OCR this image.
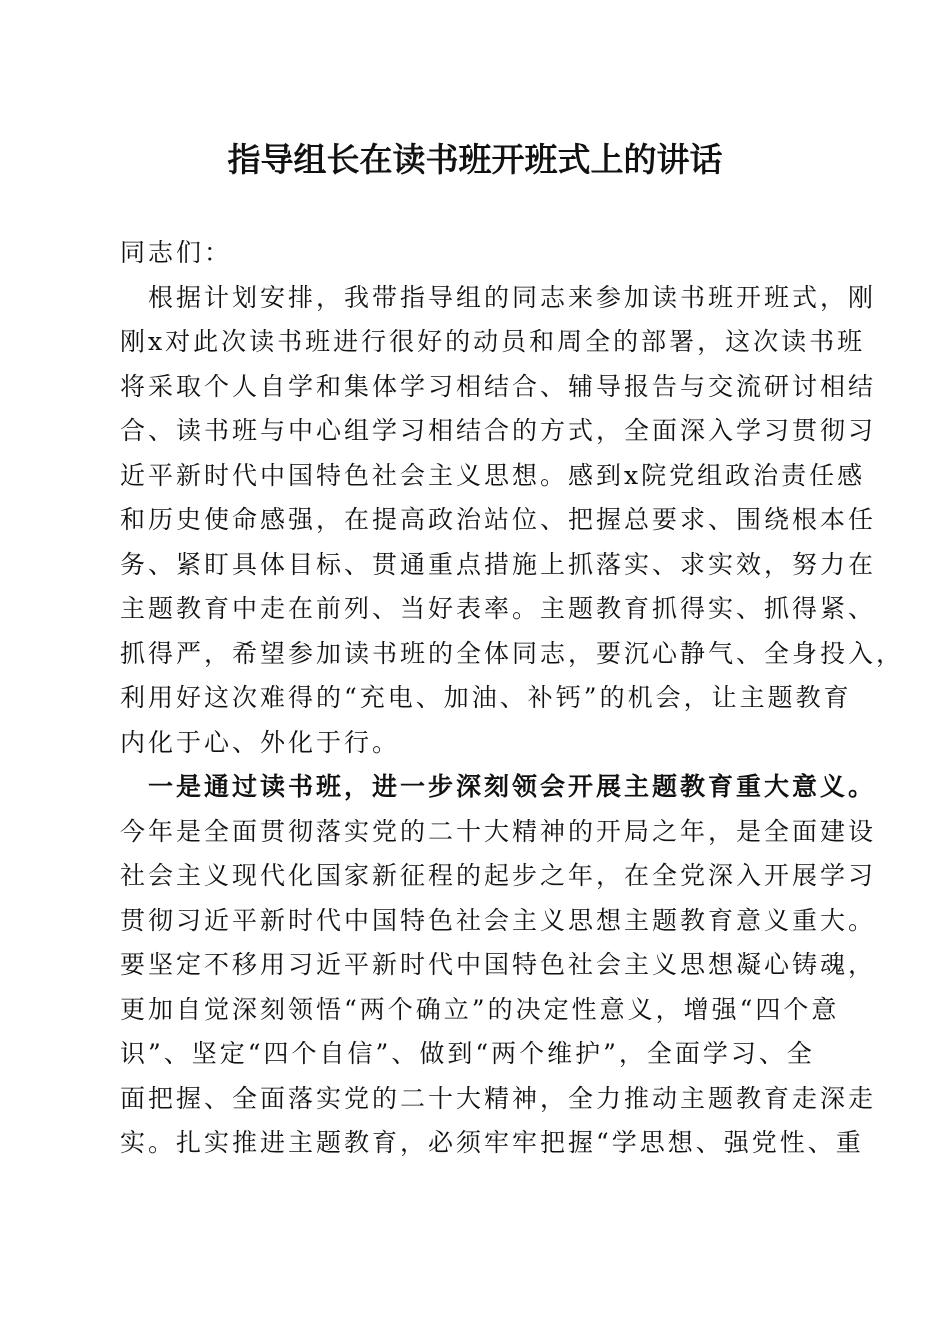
指导组长在读书班开班式上的讲话
同志们：
　根据计划安排，我带指导组的同志来参加读书班开班式，刚
刚x对此次读书班进行很好的动员和周全的部署，这次读书班
将采取个人自学和集体学习相结合、辅导报告与交流研讨相结
合、读书班与中心组学习相结合的方式，全面深入学习贯彻习
近平新时代中国特色社会主义思想。感到x院党组政治责任感
和历史使命感强，在提高政治站位、把握总要求、围绕根本任
务、紧盯具体目标、贯通重点措施上抓落实、求实效，努力在
主题教育中走在前列、当好表率。主题教育抓得实、抓得紧、
抓得严，希望参加读书班的全体同志，要沉心静气、全身投入，
利用好这次难得的“充电、加油、补钙”的机会，让主题教育
内化于心、外化于行。
　一是通过读书班，进一步深刻领会开展主题教育重大意义。
今年是全面贯彻落实党的二十大精神的开局之年，是全面建设
社会主义现代化国家新征程的起步之年，在全党深入开展学习
贯彻习近平新时代中国特色社会主义思想主题教育意义重大。
要坚定不移用习近平新时代中国特色社会主义思想凝心铸魂，
更加自觉深刻领悟“两个确立”的决定性意义，增强“四个意
识”、坚定“四个自信”、做到“两个维护”，全面学习、全
面把握、全面落实党的二十大精神，全力推动主题教育走深走
实。扎实推进主题教育，必须牢牢把握“学思想、强党性、重
